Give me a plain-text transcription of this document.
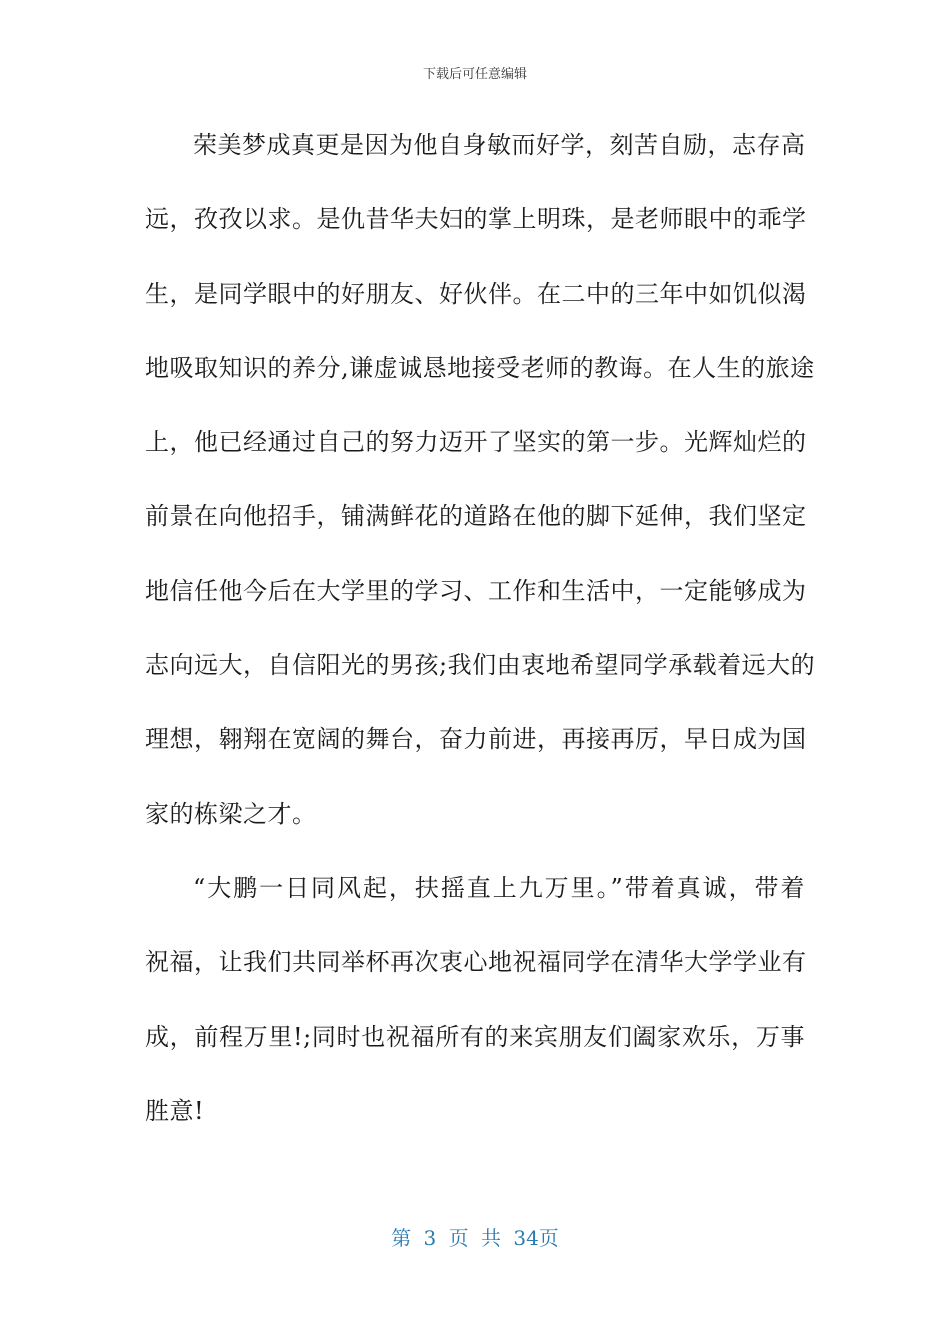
下载后可任意编辑
荣美梦成真更是因为他自身敏而好学，刻苦自励，志存高
远，孜孜以求。是仇昔华夫妇的掌上明珠，是老师眼中的乖学
生，是同学眼中的好朋友、好伙伴。在二中的三年中如饥似渴
地吸取知识的养分,谦虚诚恳地接受老师的教诲。在人生的旅途
上，他已经通过自己的努力迈开了坚实的第一步。光辉灿烂的
前景在向他招手，铺满鲜花的道路在他的脚下延伸，我们坚定
地信任他今后在大学里的学习、工作和生活中，一定能够成为
志向远大，自信阳光的男孩;我们由衷地希望同学承载着远大的
理想，翱翔在宽阔的舞台，奋力前进，再接再厉，早日成为国
家的栋梁之才。
“大鹏一日同风起，扶摇直上九万里。”带着真诚，带着
祝福，让我们共同举杯再次衷心地祝福同学在清华大学学业有
成，前程万里!;同时也祝福所有的来宾朋友们阖家欢乐，万事
胜意!
第 3 页 共 34页
